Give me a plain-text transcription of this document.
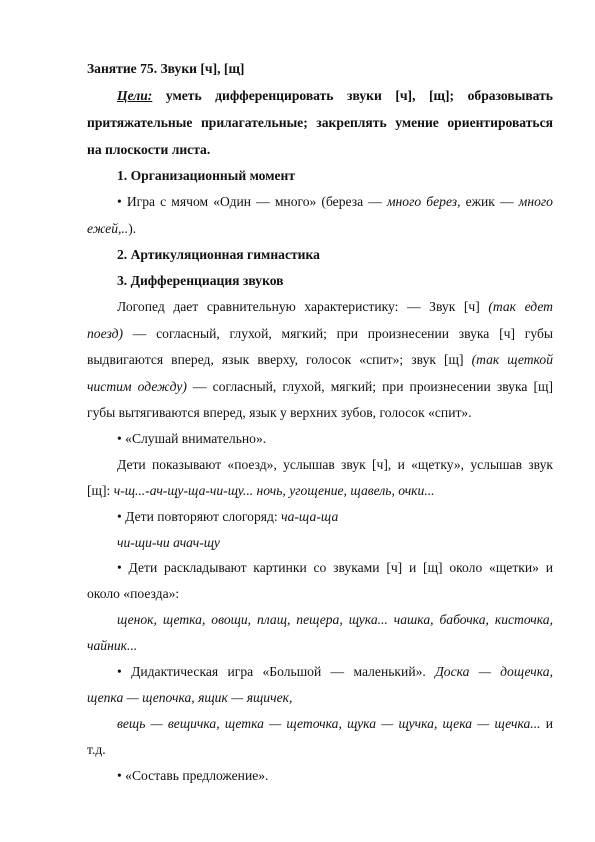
Занятие 75. Звуки [ч], [щ]
Цели: уметь дифференцировать звуки [ч], [щ]; образовывать
притяжательные прилагательные; закреплять умение ориентироваться
на плоскости листа.
1. Организационный момент
• Игра с мячом «Один — много» (береза — много берез, ежик — много
ежей,..).
2. Артикуляционная гимнастика
3. Дифференциация звуков
Логопед дает сравнительную характеристику: — Звук [ч] (так едет
поезд) — согласный, глухой, мягкий; при произнесении звука [ч] губы
выдвигаются вперед, язык вверху, голосок «спит»; звук [щ] (так щеткой
чистим одежду) — согласный, глухой, мягкий; при произнесении звука [щ]
губы вытягиваются вперед, язык у верхних зубов, голосок «спит».
• «Слушай внимательно».
Дети показывают «поезд», услышав звук [ч], и «щетку», услышав звук
[щ]: ч-щ...-ач-щу-ща-чи-щу... ночь, угощение, щавель, очки...
• Дети повторяют слогоряд: ча-ща-ща
чи-щи-чи ачач-щу
• Дети раскладывают картинки со звуками [ч] и [щ] около «щетки» и
около «поезда»:
щенок, щетка, овощи, плащ, пещера, щука... чашка, бабочка, кисточка,
чайник...
• Дидактическая игра «Большой — маленький». Доска — дощечка,
щепка — щепочка, ящик — ящичек,
вещь — вещичка, щетка — щеточка, щука — щучка, щека — щечка... и
т.д.
• «Составь предложение».
